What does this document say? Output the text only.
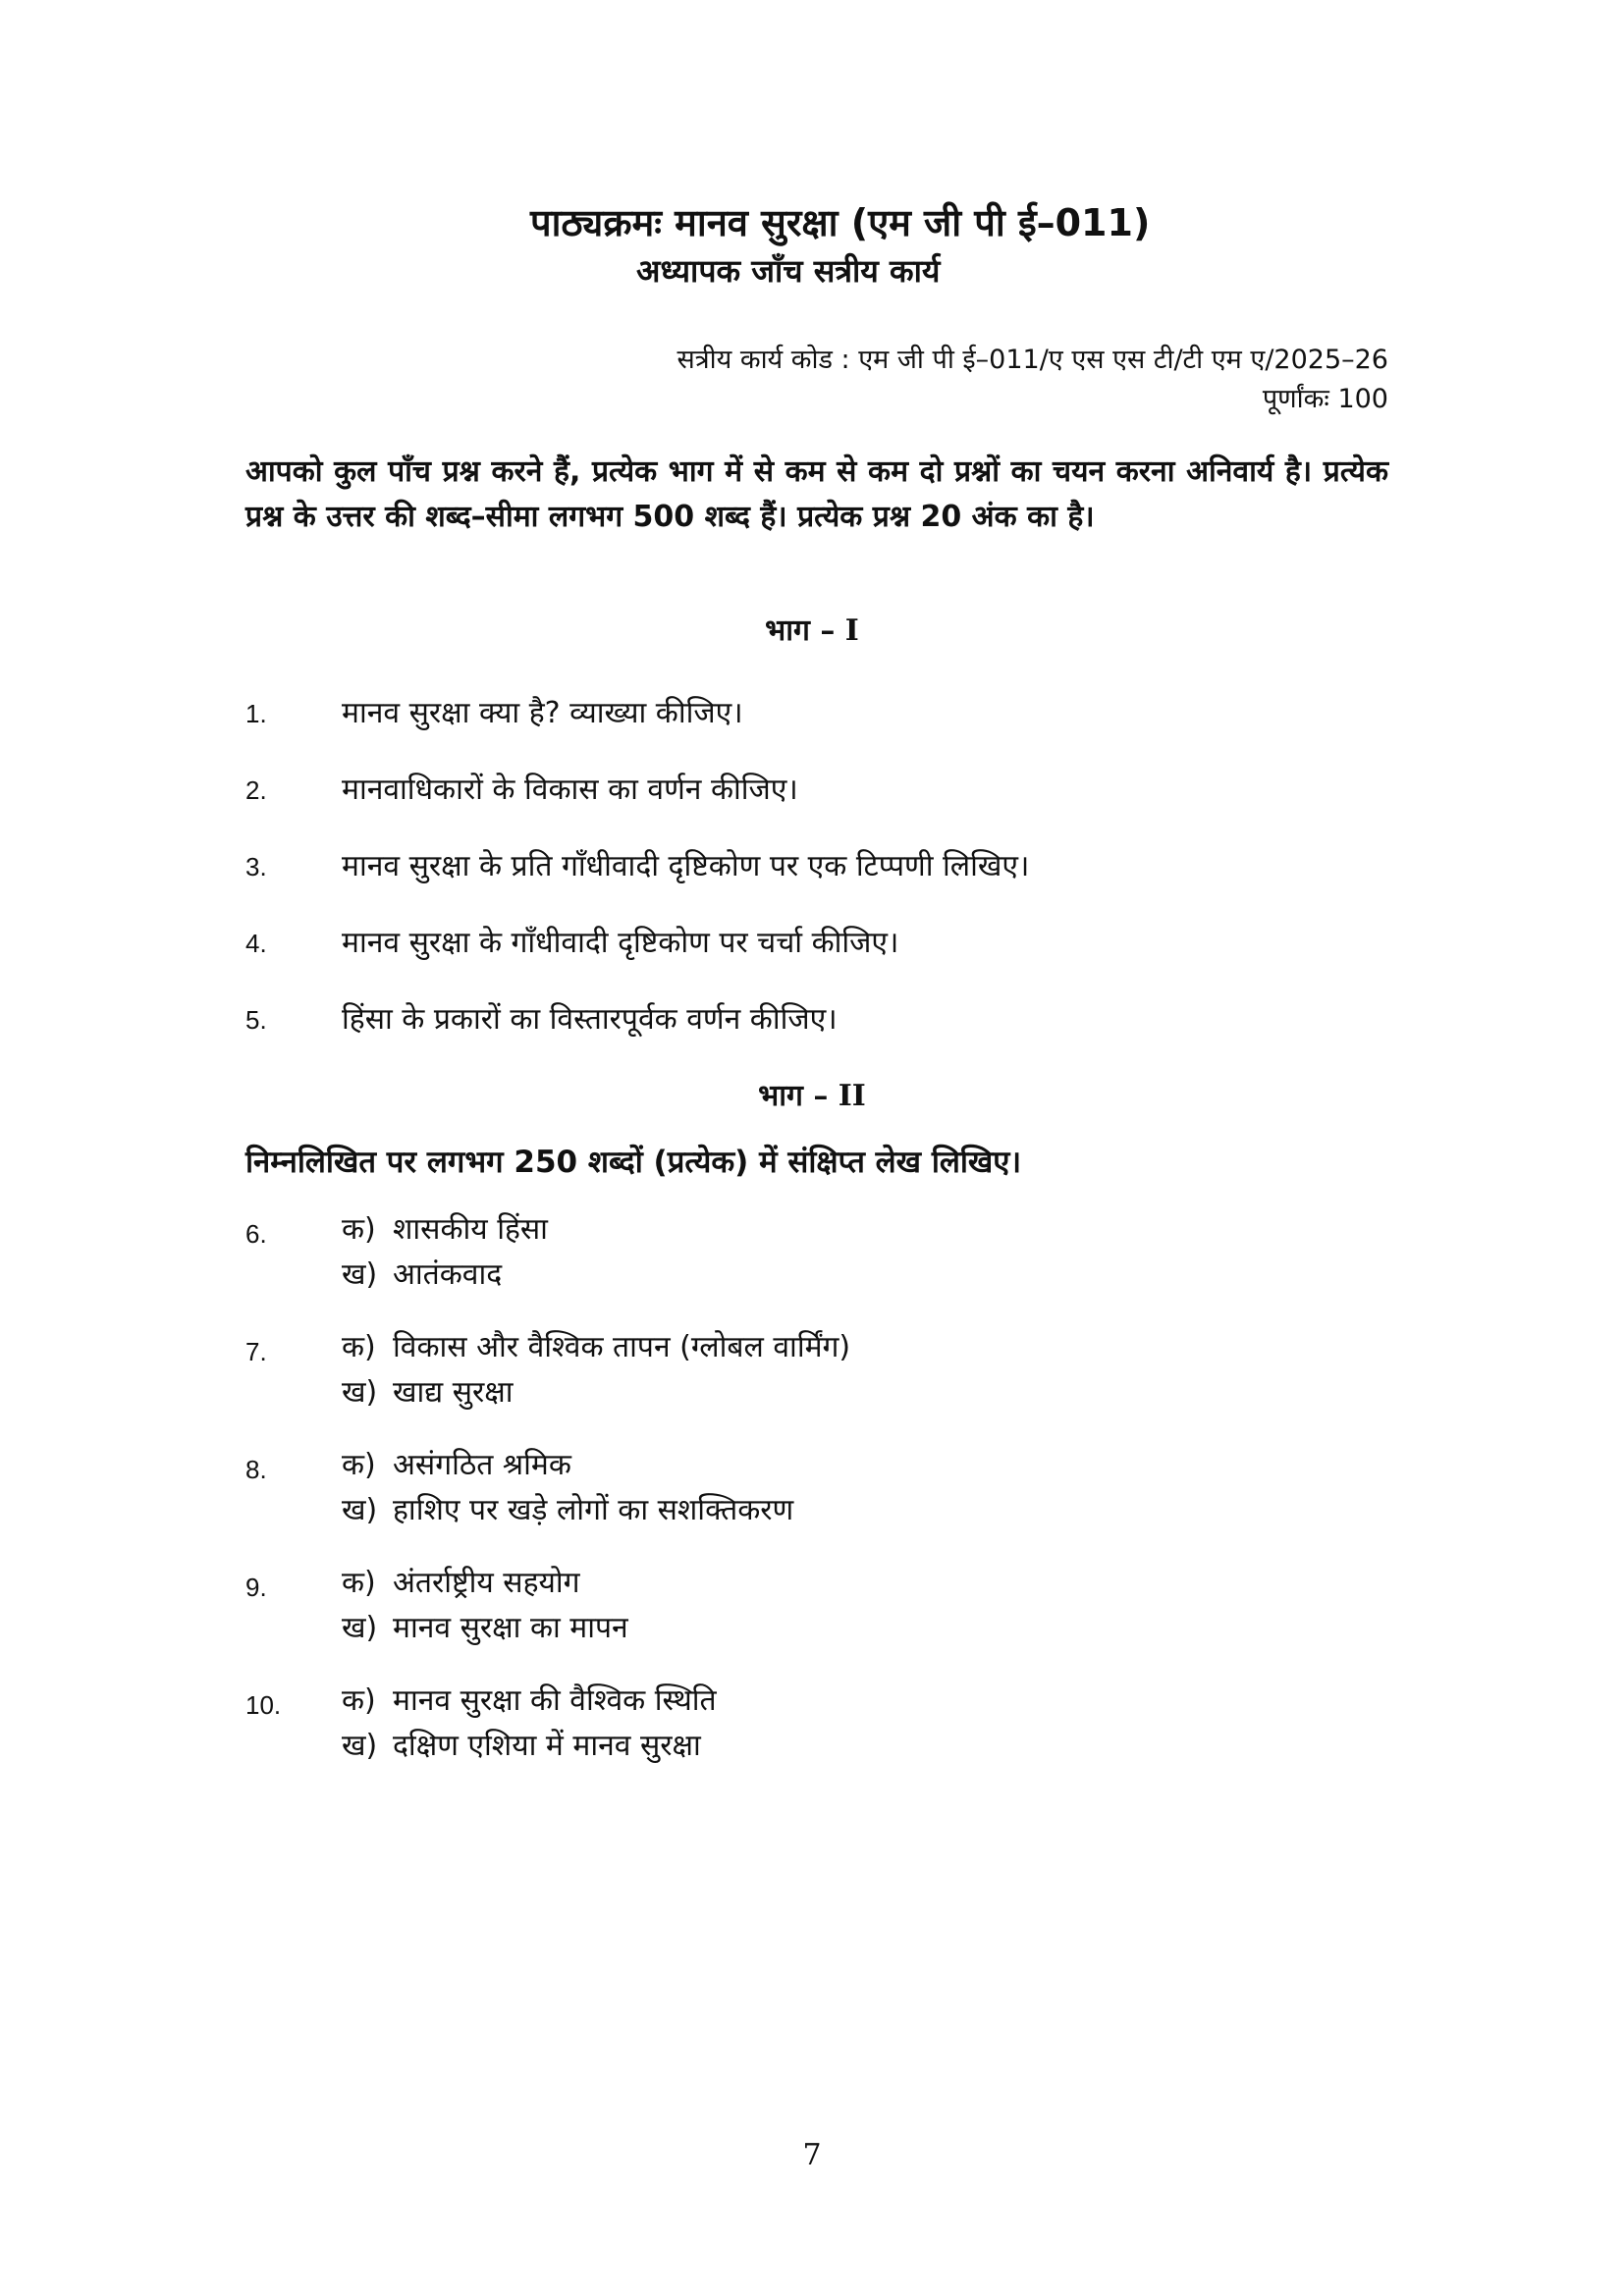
पाठ्यक्रमः मानव सुरक्षा (एम जी पी ई–011)
अध्यापक जाँच सत्रीय कार्य
सत्रीय कार्य कोड : एम जी पी ई–011/ए एस एस टी/टी एम ए/2025–26
पूर्णांकः 100
आपको कुल पाँच प्रश्न करने हैं, प्रत्येक भाग में से कम से कम दो प्रश्नों का चयन करना अनिवार्य है। प्रत्येक प्रश्न के उत्तर की शब्द–सीमा लगभग 500 शब्द हैं। प्रत्येक प्रश्न 20 अंक का है।
भाग – I
1.	मानव सुरक्षा क्या है? व्याख्या कीजिए।
2.	मानवाधिकारों के विकास का वर्णन कीजिए।
3.	मानव सुरक्षा के प्रति गाँधीवादी दृष्टिकोण पर एक टिप्पणी लिखिए।
4.	मानव सुरक्षा के गाँधीवादी दृष्टिकोण पर चर्चा कीजिए।
5.	हिंसा के प्रकारों का विस्तारपूर्वक वर्णन कीजिए।
भाग – II
निम्नलिखित पर लगभग 250 शब्दों (प्रत्येक) में संक्षिप्त लेख लिखिए।
6.	क) शासकीय हिंसा
ख) आतंकवाद
7.	क) विकास और वैश्विक तापन (ग्लोबल वार्मिंग)
ख) खाद्य सुरक्षा
8.	क) असंगठित श्रमिक
ख) हाशिए पर खड़े लोगों का सशक्तिकरण
9.	क) अंतर्राष्ट्रीय सहयोग
ख) मानव सुरक्षा का मापन
10. क) मानव सुरक्षा की वैश्विक स्थिति
ख) दक्षिण एशिया में मानव सुरक्षा
7
